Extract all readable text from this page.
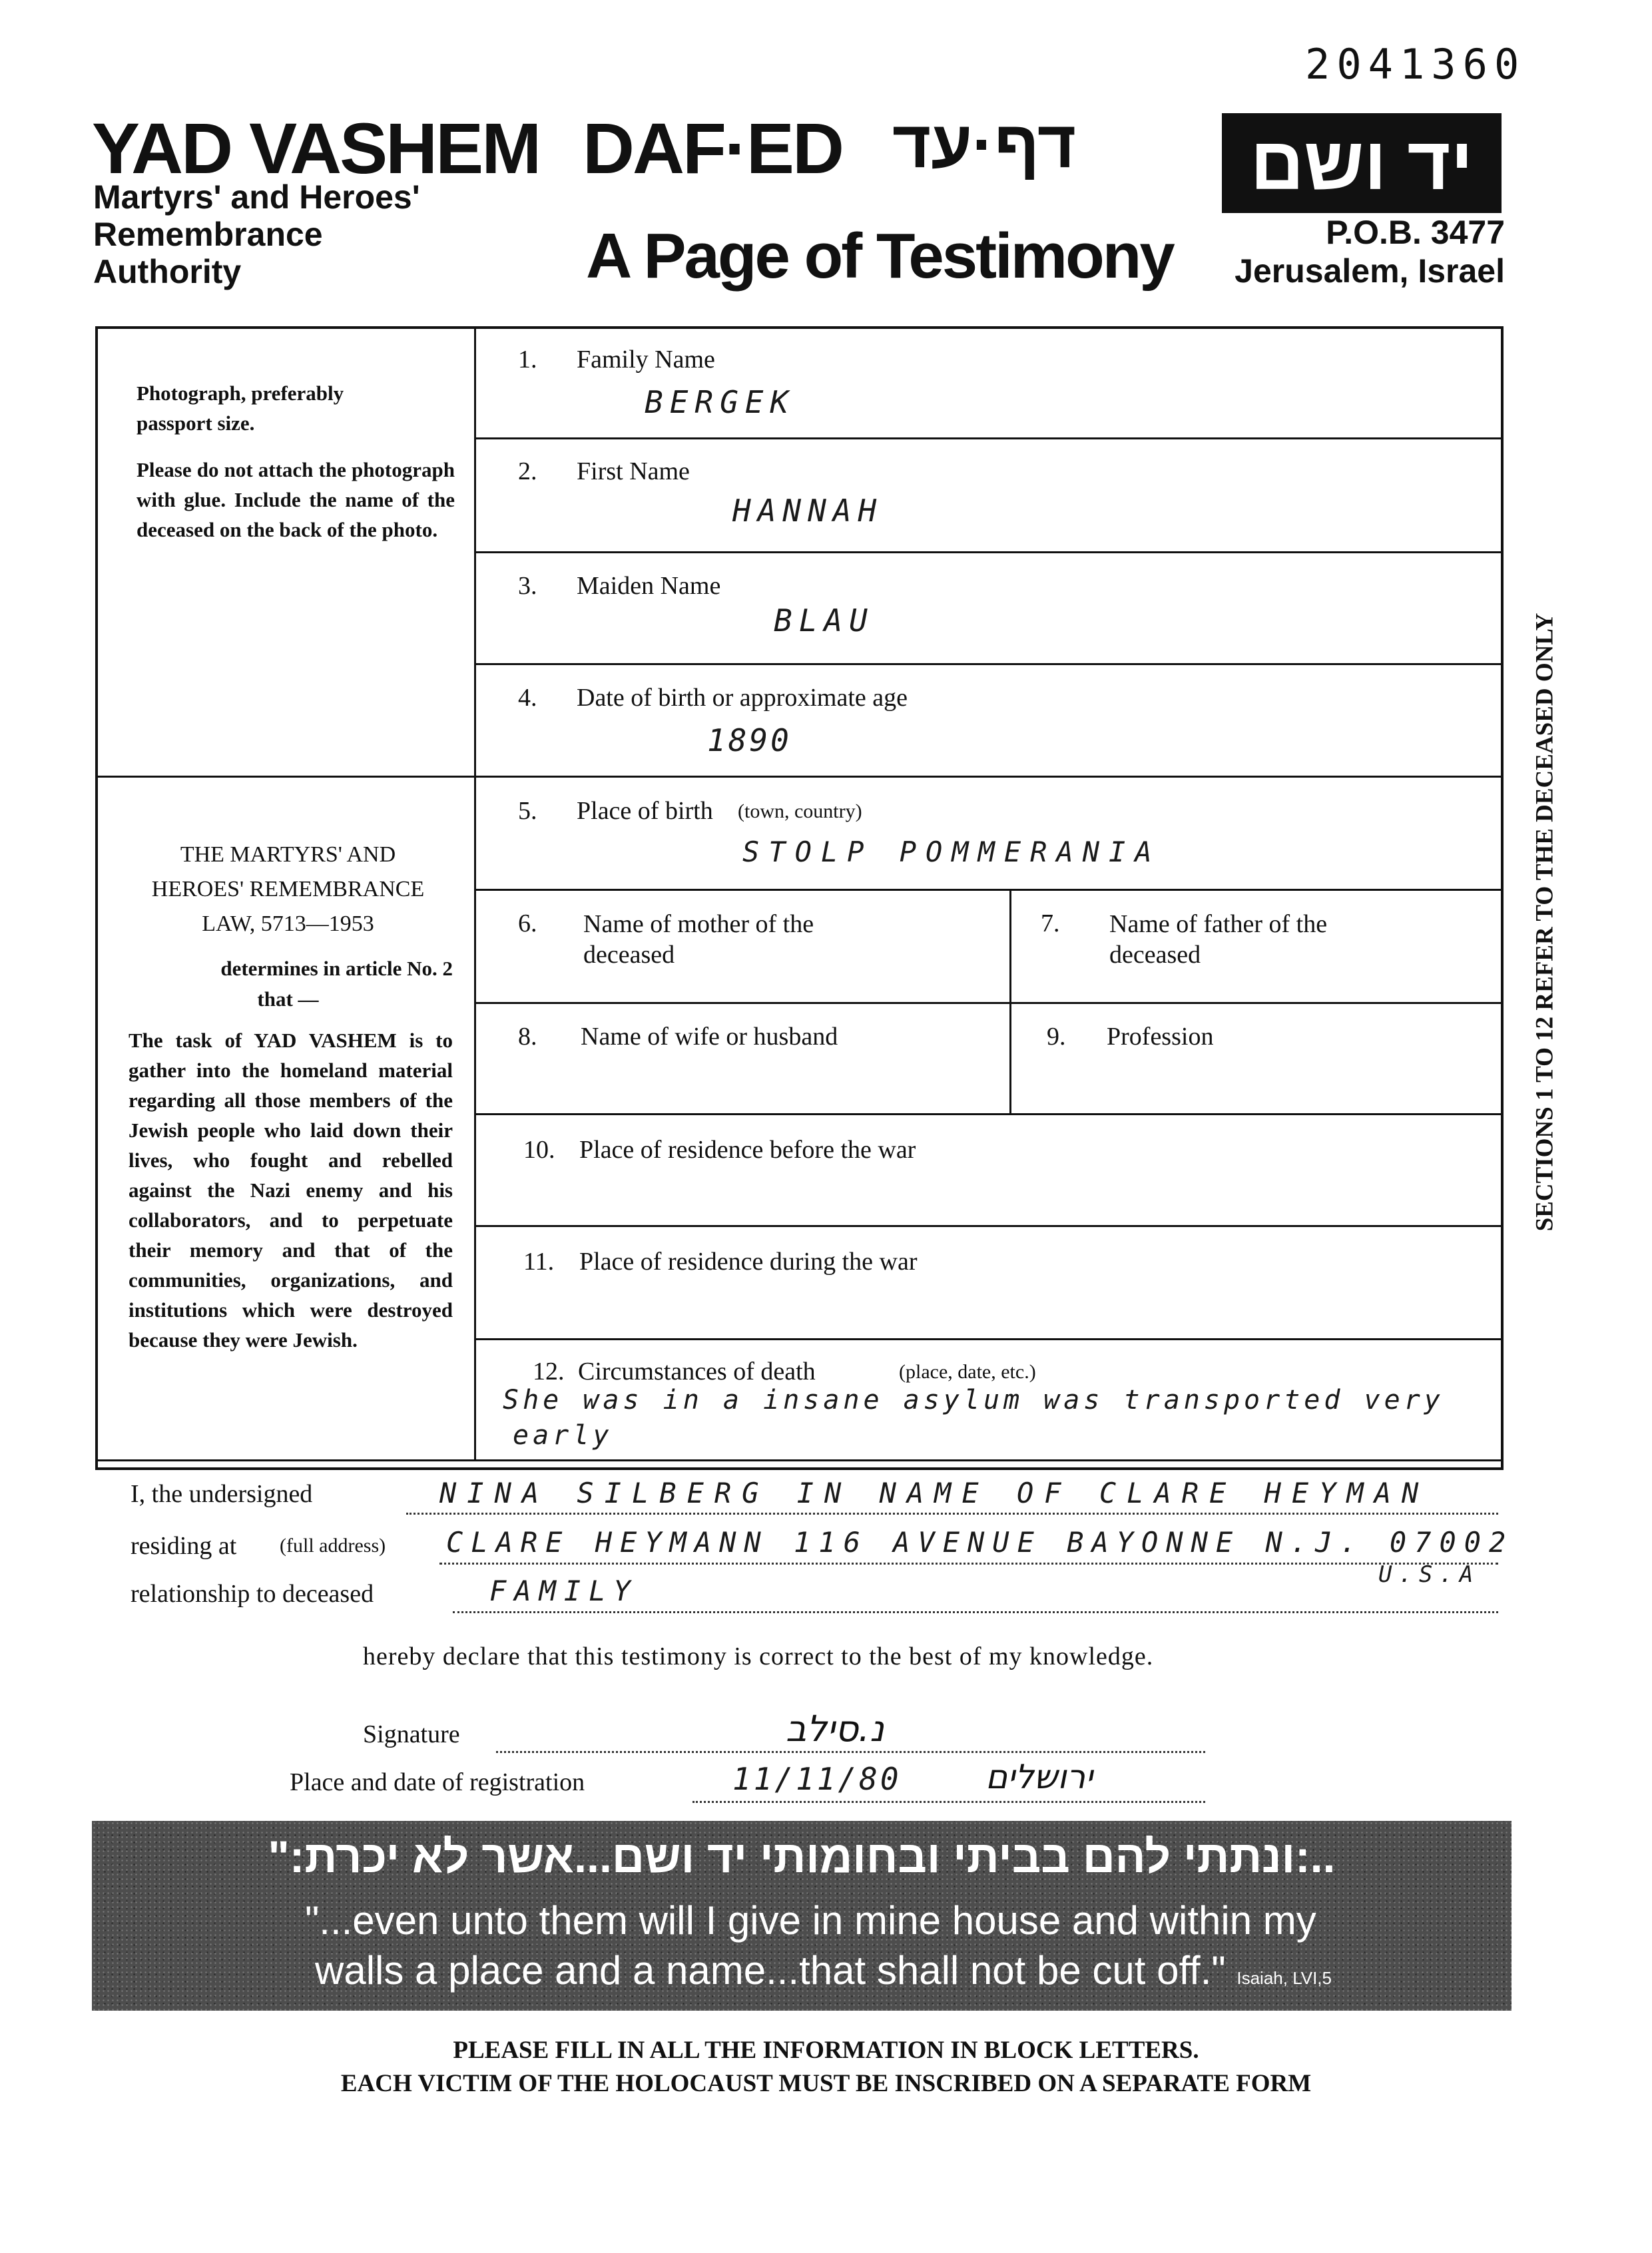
2041360
YAD VASHEM
Martyrs' and Heroes'
Remembrance
Authority
DAF·ED דף·עד
A Page of Testimony
יד ושם
P.O.B. 3477
Jerusalem, Israel
Photograph, preferably
passport size.
Please do not attach the photograph with glue. Include the name of the deceased on the back of the photo.
THE MARTYRS' AND
HEROES' REMEMBRANCE
LAW, 5713—1953
determines in article No. 2
that —
The task of YAD VASHEM is to gather into the homeland material regarding all those members of the Jewish people who laid down their lives, who fought and rebelled against the Nazi enemy and his collaborators, and to perpetuate their memory and that of the communities, organizations, and institutions which were destroyed because they were Jewish.
1. Family Name
BERGEK
2. First Name
HANNAH
3. Maiden Name
BLAU
4. Date of birth or approximate age
1890
5. Place of birth (town, country)
STOLP POMMERANIA
6. Name of mother of the
deceased
7. Name of father of the
deceased
8. Name of wife or husband	9. Profession
10. Place of residence before the war
11. Place of residence during the war
12. Circumstances of death	(place, date, etc.)
She was in a insane asylum was transported very
early
SECTIONS 1 TO 12 REFER TO THE DECEASED ONLY
I, the undersigned	NINA SILBERG IN NAME OF CLARE HEYMAN
residing at (full address) CLARE HEYMANN 116 AVENUE BAYONNE N.J. 07002
U.S.A
relationship to deceased	FAMILY
hereby declare that this testimony is correct to the best of my knowledge.
Signature	נ.סילב
Place and date of registration	11/11/80	ירושלים
..:ונתתי להם בביתי ובחומותי יד ושם...אשר לא יכרת:"
"...even unto them will I give in mine house and within my
walls a place and a name...that shall not be cut off." Isaiah, LVI,5
PLEASE FILL IN ALL THE INFORMATION IN BLOCK LETTERS.
EACH VICTIM OF THE HOLOCAUST MUST BE INSCRIBED ON A SEPARATE FORM
